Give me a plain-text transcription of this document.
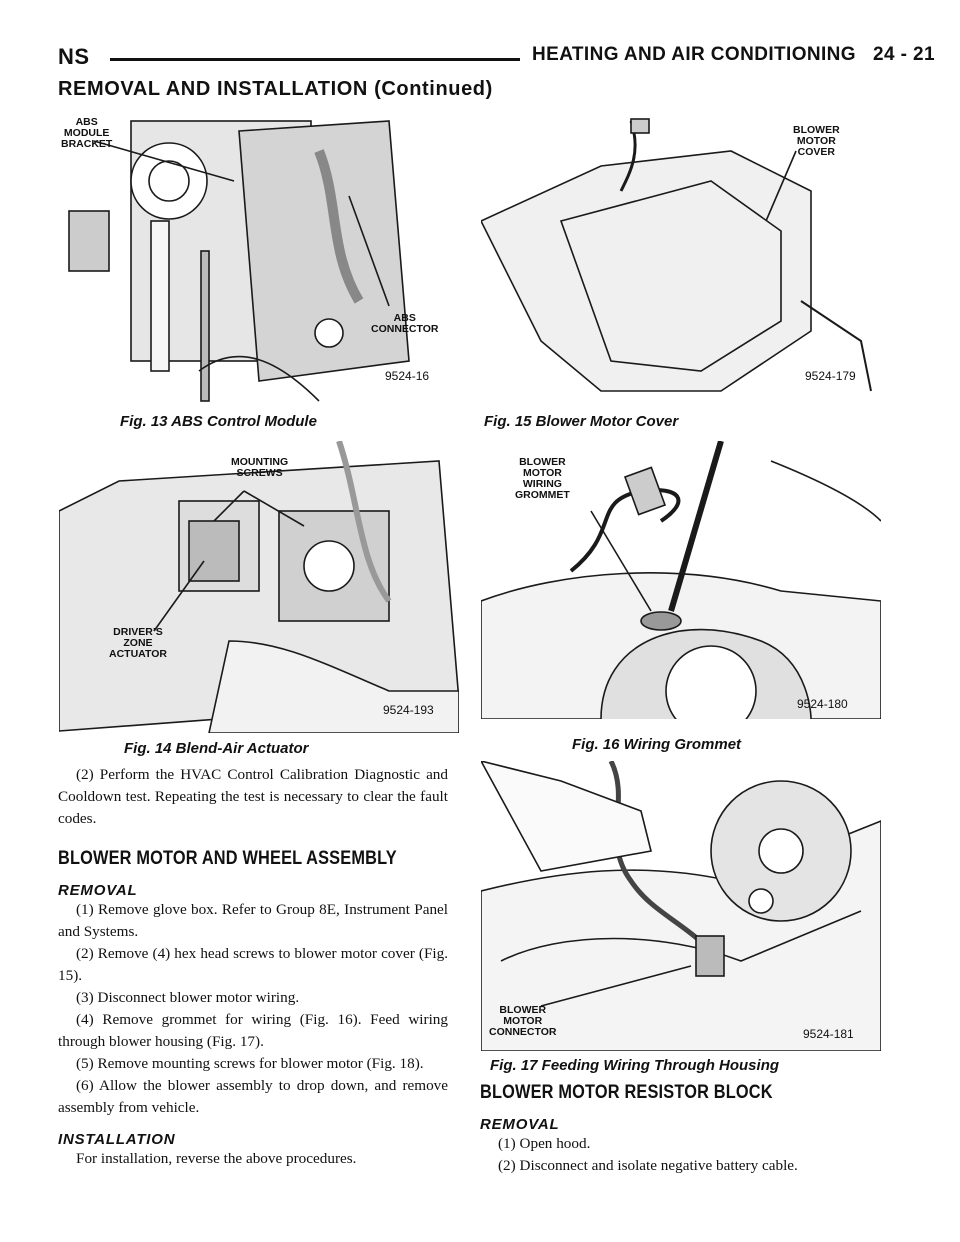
NS	HEATING AND AIR CONDITIONING   24 - 21
REMOVAL AND INSTALLATION (Continued)
ABS
MODULE
BRACKET
ABS
CONNECTOR
9524-16
Fig. 13 ABS Control Module
MOUNTING
SCREWS
DRIVER’S
ZONE
ACTUATOR
9524-193
Fig. 14 Blend-Air Actuator
BLOWER
MOTOR
COVER
9524-179
Fig. 15 Blower Motor Cover
BLOWER
MOTOR
WIRING
GROMMET
9524-180
Fig. 16 Wiring Grommet
BLOWER
MOTOR
CONNECTOR	9524-181
Fig. 17 Feeding Wiring Through Housing

(2) Perform the HVAC Control Calibration Diagnostic and Cooldown test. Repeating the test is necessary to clear the fault codes.

BLOWER MOTOR AND WHEEL ASSEMBLY
REMOVAL

(1) Remove glove box. Refer to Group 8E, Instrument Panel and Systems.

(2) Remove (4) hex head screws to blower motor cover (Fig. 15).

(3) Disconnect blower motor wiring.

(4) Remove grommet for wiring (Fig. 16). Feed wiring through blower housing (Fig. 17).

(5) Remove mounting screws for blower motor (Fig. 18).

(6) Allow the blower assembly to drop down, and remove assembly from vehicle.

INSTALLATION

For installation, reverse the above procedures.

BLOWER MOTOR RESISTOR BLOCK
REMOVAL

(1) Open hood.

(2) Disconnect and isolate negative battery cable.
